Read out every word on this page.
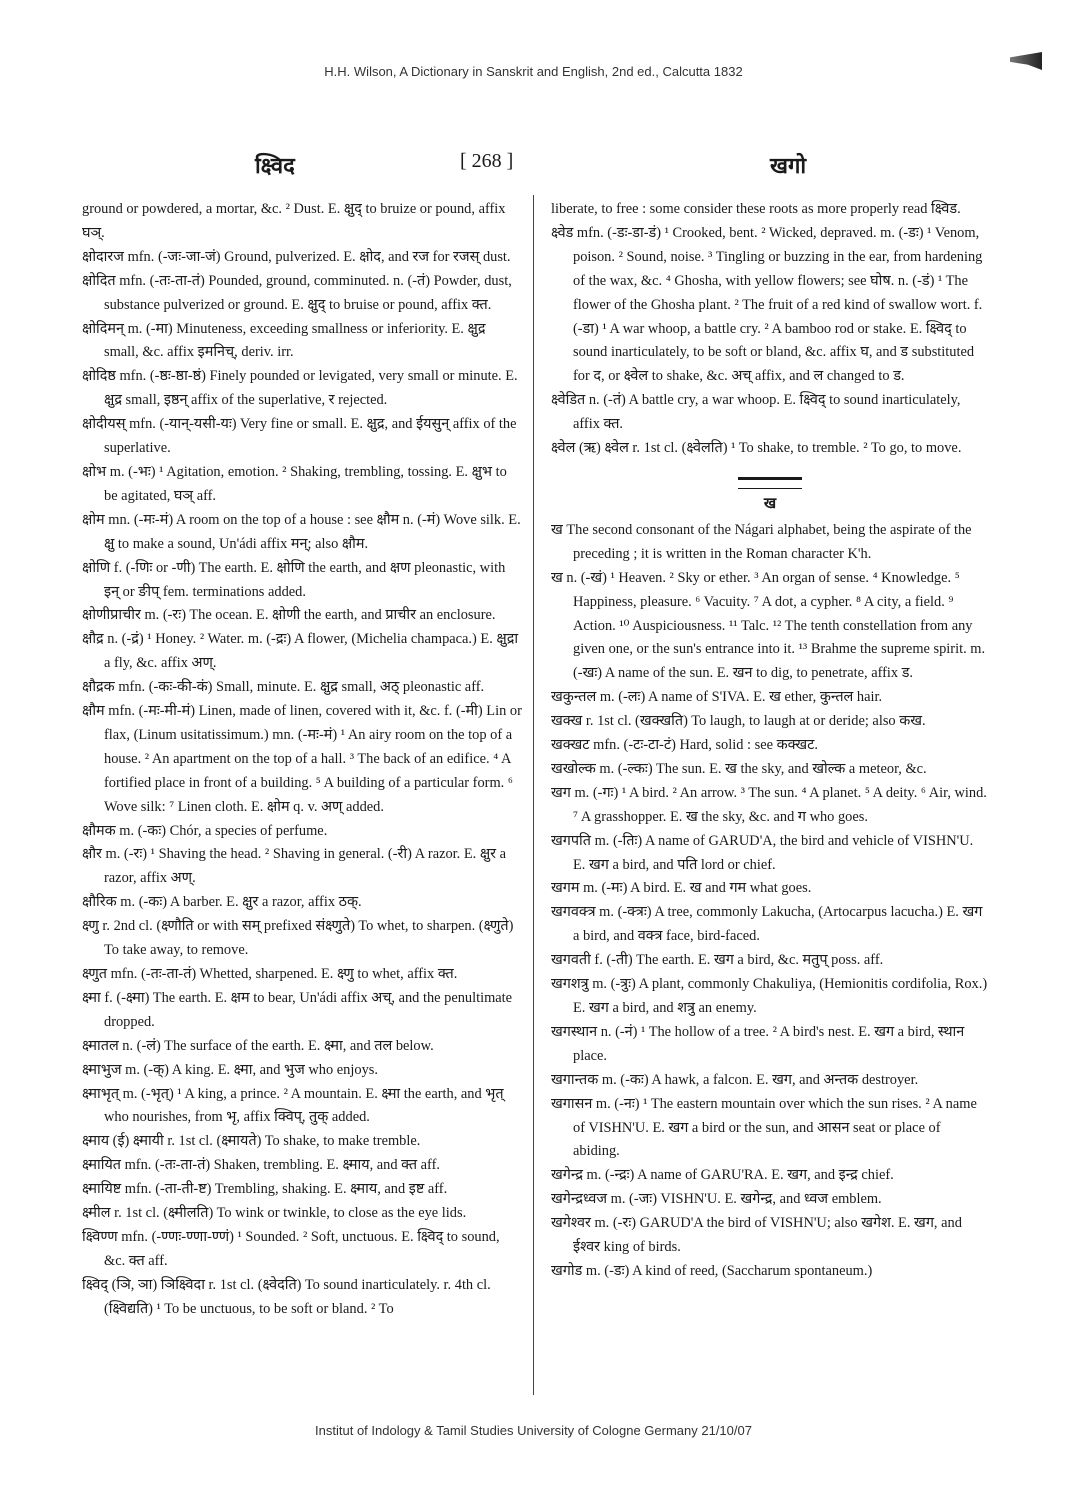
H.H. Wilson, A Dictionary in Sanskrit and English, 2nd ed., Calcutta 1832
क्ष्विद	[ 268 ]	खगो

ground or powdered, a mortar, &c. ² Dust. E. क्षुद् to bruize or pound, affix घञ्.

क्षोदारज mfn. (-जः-जा-जं) Ground, pulverized. E. क्षोद, and रज for रजस् dust.

क्षोदित mfn. (-तः-ता-तं) Pounded, ground, comminuted. n. (-तं) Powder, dust, substance pulverized or ground. E. क्षुद् to bruise or pound, affix क्त.

क्षोदिमन् m. (-मा) Minuteness, exceeding smallness or inferiority. E. क्षुद्र small, &c. affix इमनिच्, deriv. irr.

क्षोदिष्ठ mfn. (-ष्ठः-ष्ठा-ष्ठं) Finely pounded or levigated, very small or minute. E. क्षुद्र small, इष्ठन् affix of the superlative, र rejected.

क्षोदीयस् mfn. (-यान्-यसी-यः) Very fine or small. E. क्षुद्र, and ईयसुन् affix of the superlative.

क्षोभ m. (-भः) ¹ Agitation, emotion. ² Shaking, trembling, tossing. E. क्षुभ to be agitated, घञ् aff.

क्षोम mn. (-मः-मं) A room on the top of a house : see क्षौम n. (-मं) Wove silk. E. क्षु to make a sound, Un'ádi affix मन्; also क्षौम.

क्षोणि f. (-णिः or -णी) The earth. E. क्षोणि the earth, and क्षण pleonastic, with इन् or ङीप् fem. terminations added.

क्षोणीप्राचीर m. (-रः) The ocean. E. क्षोणी the earth, and प्राचीर an enclosure.

क्षौद्र n. (-द्रं) ¹ Honey. ² Water. m. (-द्रः) A flower, (Michelia champaca.) E. क्षुद्रा a fly, &c. affix अण्.

क्षौद्रक mfn. (-कः-की-कं) Small, minute. E. क्षुद्र small, अठ् pleonastic aff.

क्षौम mfn. (-मः-मी-मं) Linen, made of linen, covered with it, &c. f. (-मी) Lin or flax, (Linum usitatissimum.) mn. (-मः-मं) ¹ An airy room on the top of a house. ² An apartment on the top of a hall. ³ The back of an edifice. ⁴ A fortified place in front of a building. ⁵ A building of a particular form. ⁶ Wove silk: ⁷ Linen cloth. E. क्षोम q. v. अण् added.

क्षौमक m. (-कः) Chór, a species of perfume.

क्षौर m. (-रः) ¹ Shaving the head. ² Shaving in general. (-री) A razor. E. क्षुर a razor, affix अण्.

क्षौरिक m. (-कः) A barber. E. क्षुर a razor, affix ठक्.

क्ष्णु r. 2nd cl. (क्ष्णौति or with सम् prefixed संक्ष्णुते) To whet, to sharpen. (क्ष्णुते) To take away, to remove.

क्ष्णुत mfn. (-तः-ता-तं) Whetted, sharpened. E. क्ष्णु to whet, affix क्त.

क्ष्मा f. (-क्ष्मा) The earth. E. क्षम to bear, Un'ádi affix अच्, and the penultimate dropped.

क्ष्मातल n. (-लं) The surface of the earth. E. क्ष्मा, and तल below.

क्ष्माभुज m. (-क्) A king. E. क्ष्मा, and भुज who enjoys.

क्ष्माभृत् m. (-भृत्) ¹ A king, a prince. ² A mountain. E. क्ष्मा the earth, and भृत् who nourishes, from भृ, affix क्विप्, तुक् added.

क्ष्माय (ई) क्ष्मायी r. 1st cl. (क्ष्मायते) To shake, to make tremble.

क्ष्मायित mfn. (-तः-ता-तं) Shaken, trembling. E. क्ष्माय, and क्त aff.

क्ष्मायिष्ट mfn. (-ता-ती-ष्ट) Trembling, shaking. E. क्ष्माय, and इष्ट aff.

क्ष्मील r. 1st cl. (क्ष्मीलति) To wink or twinkle, to close as the eye lids.

क्ष्विण्ण mfn. (-ण्णः-ण्णा-ण्णं) ¹ Sounded. ² Soft, unctuous. E. क्ष्विद् to sound, &c. क्त aff.

क्ष्विद् (ञि, ञा) ञिक्ष्विदा r. 1st cl. (क्ष्वेदति) To sound inarticulately. r. 4th cl. (क्ष्विद्यति) ¹ To be unctuous, to be soft or bland. ² To

liberate, to free : some consider these roots as more properly read क्ष्विड.

क्ष्वेड mfn. (-डः-डा-डं) ¹ Crooked, bent. ² Wicked, depraved. m. (-डः) ¹ Venom, poison. ² Sound, noise. ³ Tingling or buzzing in the ear, from hardening of the wax, &c. ⁴ Ghosha, with yellow flowers; see घोष. n. (-डं) ¹ The flower of the Ghosha plant. ² The fruit of a red kind of swallow wort. f. (-डा) ¹ A war whoop, a battle cry. ² A bamboo rod or stake. E. क्ष्विद् to sound inarticulately, to be soft or bland, &c. affix घ, and ड substituted for द, or क्ष्वेल to shake, &c. अच् affix, and ल changed to ड.

क्ष्वेडित n. (-तं) A battle cry, a war whoop. E. क्ष्विद् to sound inarticulately, affix क्त.

क्ष्वेल (ऋ) क्ष्वेल r. 1st cl. (क्ष्वेलति) ¹ To shake, to tremble. ² To go, to move.

ख

ख The second consonant of the Nágari alphabet, being the aspirate of the preceding ; it is written in the Roman character K'h.

ख n. (-खं) ¹ Heaven. ² Sky or ether. ³ An organ of sense. ⁴ Knowledge. ⁵ Happiness, pleasure. ⁶ Vacuity. ⁷ A dot, a cypher. ⁸ A city, a field. ⁹ Action. ¹⁰ Auspiciousness. ¹¹ Talc. ¹² The tenth constellation from any given one, or the sun's entrance into it. ¹³ Brahme the supreme spirit. m. (-खः) A name of the sun. E. खन to dig, to penetrate, affix ड.

खकुन्तल m. (-लः) A name of S'IVA. E. ख ether, कुन्तल hair.

खक्ख r. 1st cl. (खक्खति) To laugh, to laugh at or deride; also कख.

खक्खट mfn. (-टः-टा-टं) Hard, solid : see कक्खट.

खखोल्क m. (-ल्कः) The sun. E. ख the sky, and खोल्क a meteor, &c.

खग m. (-गः) ¹ A bird. ² An arrow. ³ The sun. ⁴ A planet. ⁵ A deity. ⁶ Air, wind. ⁷ A grasshopper. E. ख the sky, &c. and ग who goes.

खगपति m. (-तिः) A name of GARUD'A, the bird and vehicle of VISHN'U. E. खग a bird, and पति lord or chief.

खगम m. (-मः) A bird. E. ख and गम what goes.

खगवक्त्र m. (-क्त्रः) A tree, commonly Lakucha, (Artocarpus lacucha.) E. खग a bird, and वक्त्र face, bird-faced.

खगवती f. (-ती) The earth. E. खग a bird, &c. मतुप् poss. aff.

खगशत्रु m. (-त्रुः) A plant, commonly Chakuliya, (Hemionitis cordifolia, Rox.) E. खग a bird, and शत्रु an enemy.

खगस्थान n. (-नं) ¹ The hollow of a tree. ² A bird's nest. E. खग a bird, स्थान place.

खगान्तक m. (-कः) A hawk, a falcon. E. खग, and अन्तक destroyer.

खगासन m. (-नः) ¹ The eastern mountain over which the sun rises. ² A name of VISHN'U. E. खग a bird or the sun, and आसन seat or place of abiding.

खगेन्द्र m. (-न्द्रः) A name of GARU'RA. E. खग, and इन्द्र chief.

खगेन्द्रध्वज m. (-जः) VISHN'U. E. खगेन्द्र, and ध्वज emblem.

खगेश्वर m. (-रः) GARUD'A the bird of VISHN'U; also खगेश. E. खग, and ईश्वर king of birds.

खगोड m. (-डः) A kind of reed, (Saccharum spontaneum.)

Institut of Indology & Tamil Studies University of Cologne Germany 21/10/07
